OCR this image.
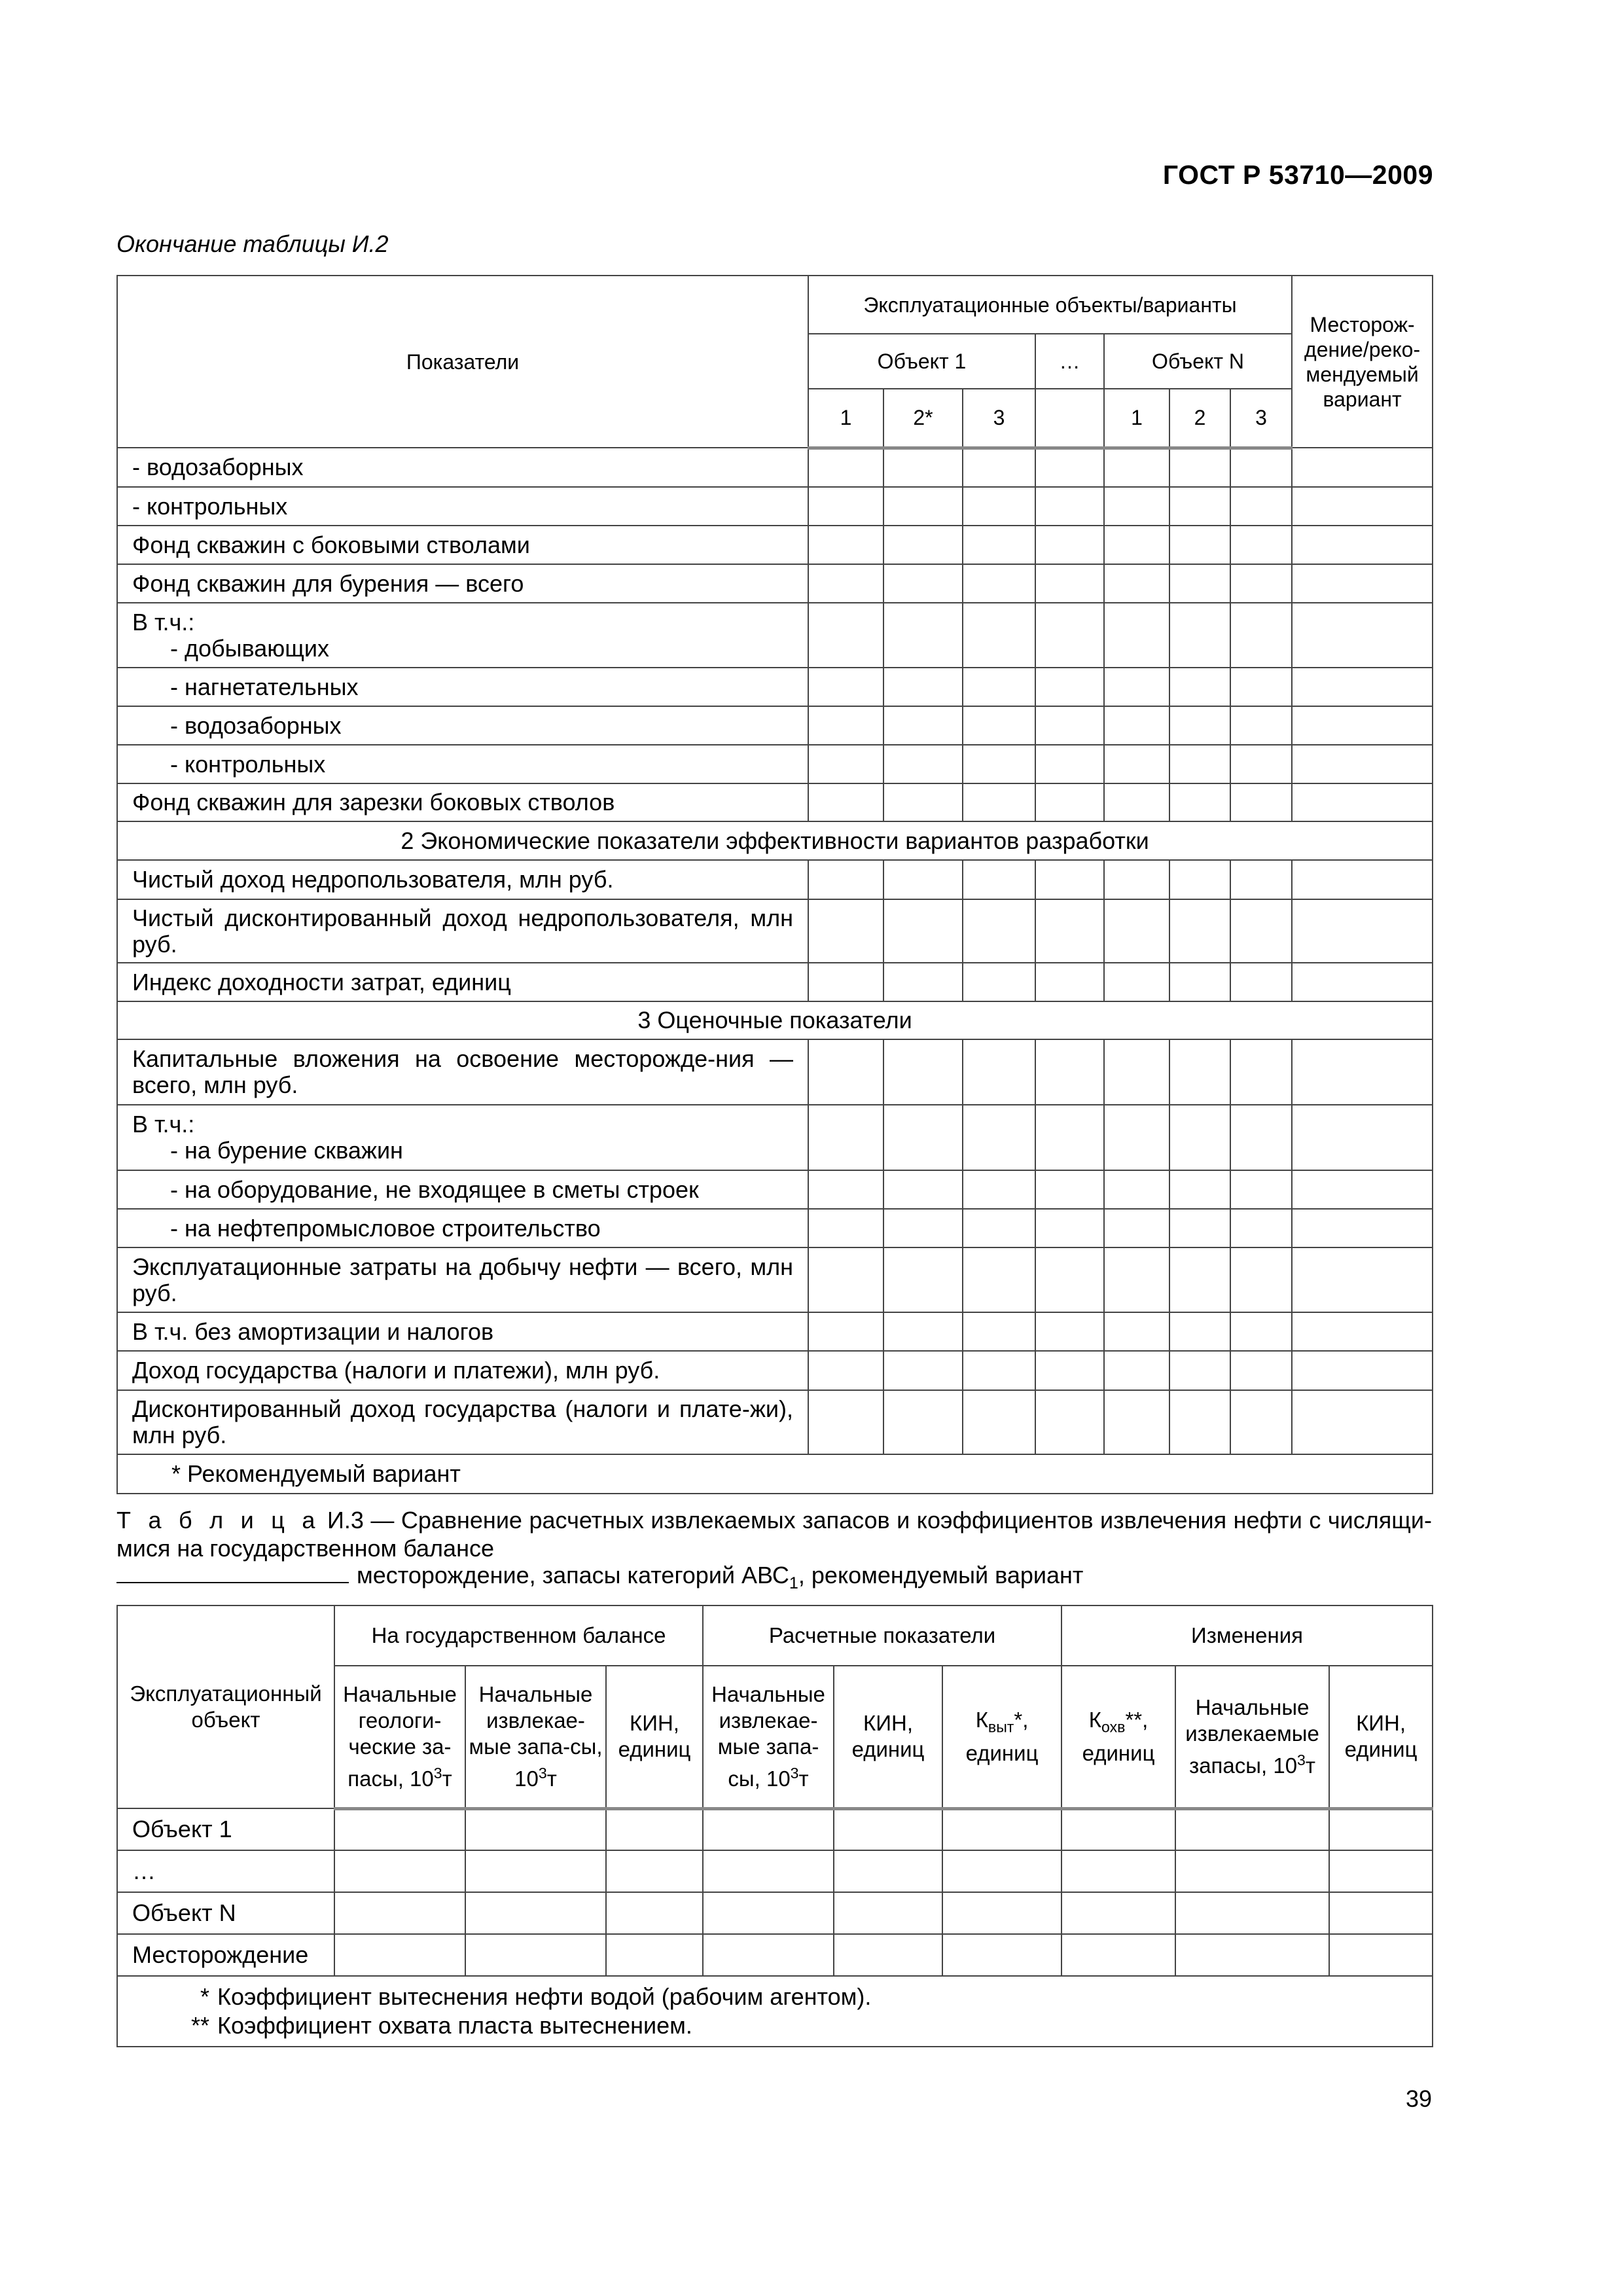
ГОСТ Р 53710—2009
Окончание таблицы И.2
Показатели	Эксплуатационные объекты/варианты							Месторож-дение/реко-мендуемый вариант
	Объект 1			…	Объект N			
	1	2*	3		1	2	3	
- водозаборных								
- контрольных								
Фонд скважин с боковыми стволами								
Фонд скважин для бурения — всего								

В т.ч.:
- добывающих								

- нагнетательных								
- водозаборных								
- контрольных								
Фонд скважин для зарезки боковых стволов								
2 Экономические показатели эффективности вариантов разработки								
Чистый доход недропользователя, млн руб.								
Чистый дисконтированный доход недропользователя, млн руб.								
Индекс доходности затрат, единиц								
3 Оценочные показатели								
Капитальные вложения на освоение месторожде-ния — всего, млн руб.								

В т.ч.:
- на бурение скважин								

- на оборудование, не входящее в сметы строек								
- на нефтепромысловое строительство								
Эксплуатационные затраты на добычу нефти — всего, млн руб.								
В т.ч. без амортизации и налогов								
Доход государства (налоги и платежи), млн руб.								
Дисконтированный доход государства (налоги и плате-жи), млн руб.								
* Рекомендуемый вариант								
Т а б л и ц а И.3 — Сравнение расчетных извлекаемых запасов и коэффициентов извлечения нефти с числящи-мися на государственном балансе
месторождение, запасы категорий $АВС_1$, рекомендуемый вариант
Эксплуатационный объект	На государственном балансе			Расчетные показатели			Изменения		
	Начальные геологи-ческие за-пасы, $10^3т$	Начальные извлекае-мые запа-сы, $10^3т$	КИН, единиц	Начальные извлекае-мые запа-сы, $10^3т$	КИН, единиц	$К_{выт}*$, единиц	$К_{охв}**$, единиц	Начальные извлекаемые запасы, $10^3т$	КИН, единиц
Объект 1									
…									
Объект N									
Месторождение									

* Коэффициент вытеснения нефти водой (рабочим агентом).
** Коэффициент охвата пласта вытеснением.									
39
